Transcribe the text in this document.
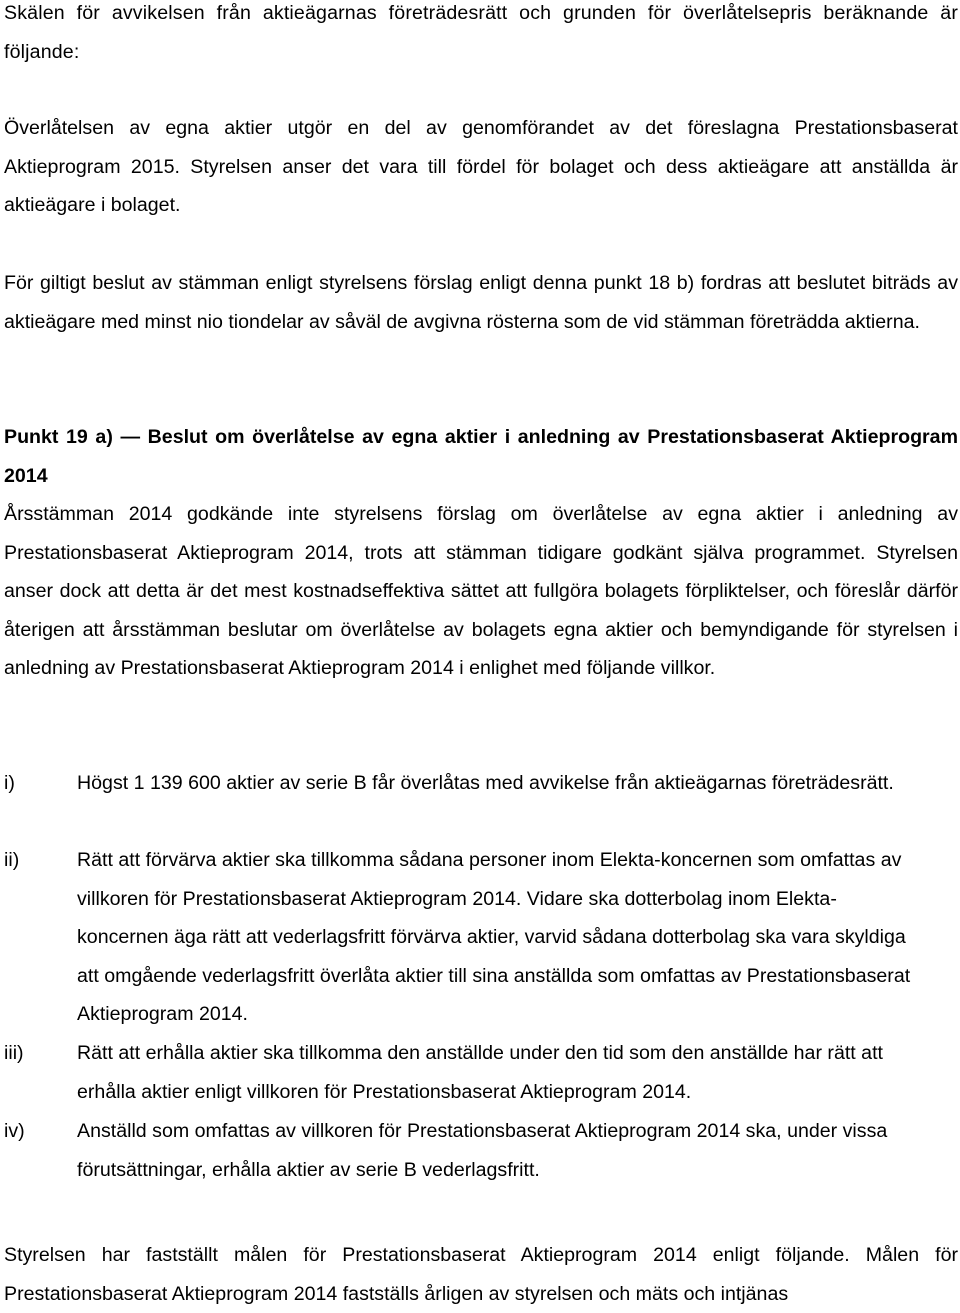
Skälen för avvikelsen från aktieägarnas företrädesrätt och grunden för överlåtelsepris beräknande är följande:

Överlåtelsen av egna aktier utgör en del av genomförandet av det föreslagna Prestationsbaserat Aktieprogram 2015. Styrelsen anser det vara till fördel för bolaget och dess aktieägare att anställda är aktieägare i bolaget.

För giltigt beslut av stämman enligt styrelsens förslag enligt denna punkt 18 b) fordras att beslutet biträds av aktieägare med minst nio tiondelar av såväl de avgivna rösterna som de vid stämman företrädda aktierna.

Punkt 19 a) — Beslut om överlåtelse av egna aktier i anledning av Prestationsbaserat Aktieprogram 2014

Årsstämman 2014 godkände inte styrelsens förslag om överlåtelse av egna aktier i anledning av Prestationsbaserat Aktieprogram 2014, trots att stämman tidigare godkänt själva programmet. Styrelsen anser dock att detta är det mest kostnadseffektiva sättet att fullgöra bolagets förpliktelser, och föreslår därför återigen att årsstämman beslutar om överlåtelse av bolagets egna aktier och bemyndigande för styrelsen i anledning av Prestationsbaserat Aktieprogram 2014 i enlighet med följande villkor.

i)	Högst 1 139 600 aktier av serie B får överlåtas med avvikelse från aktieägarnas företrädesrätt.

ii)	Rätt att förvärva aktier ska tillkomma sådana personer inom Elekta-koncernen som omfattas av villkoren för Prestationsbaserat Aktieprogram 2014. Vidare ska dotterbolag inom Elekta-koncernen äga rätt att vederlagsfritt förvärva aktier, varvid sådana dotterbolag ska vara skyldiga att omgående vederlagsfritt överlåta aktier till sina anställda som omfattas av Prestationsbaserat Aktieprogram 2014.

iii)	Rätt att erhålla aktier ska tillkomma den anställde under den tid som den anställde har rätt att erhålla aktier enligt villkoren för Prestationsbaserat Aktieprogram 2014.

iv)	Anställd som omfattas av villkoren för Prestationsbaserat Aktieprogram 2014 ska, under vissa förutsättningar, erhålla aktier av serie B vederlagsfritt.

Styrelsen har fastställt målen för Prestationsbaserat Aktieprogram 2014 enligt följande. Målen för Prestationsbaserat Aktieprogram 2014 fastställs årligen av styrelsen och mäts och intjänas
